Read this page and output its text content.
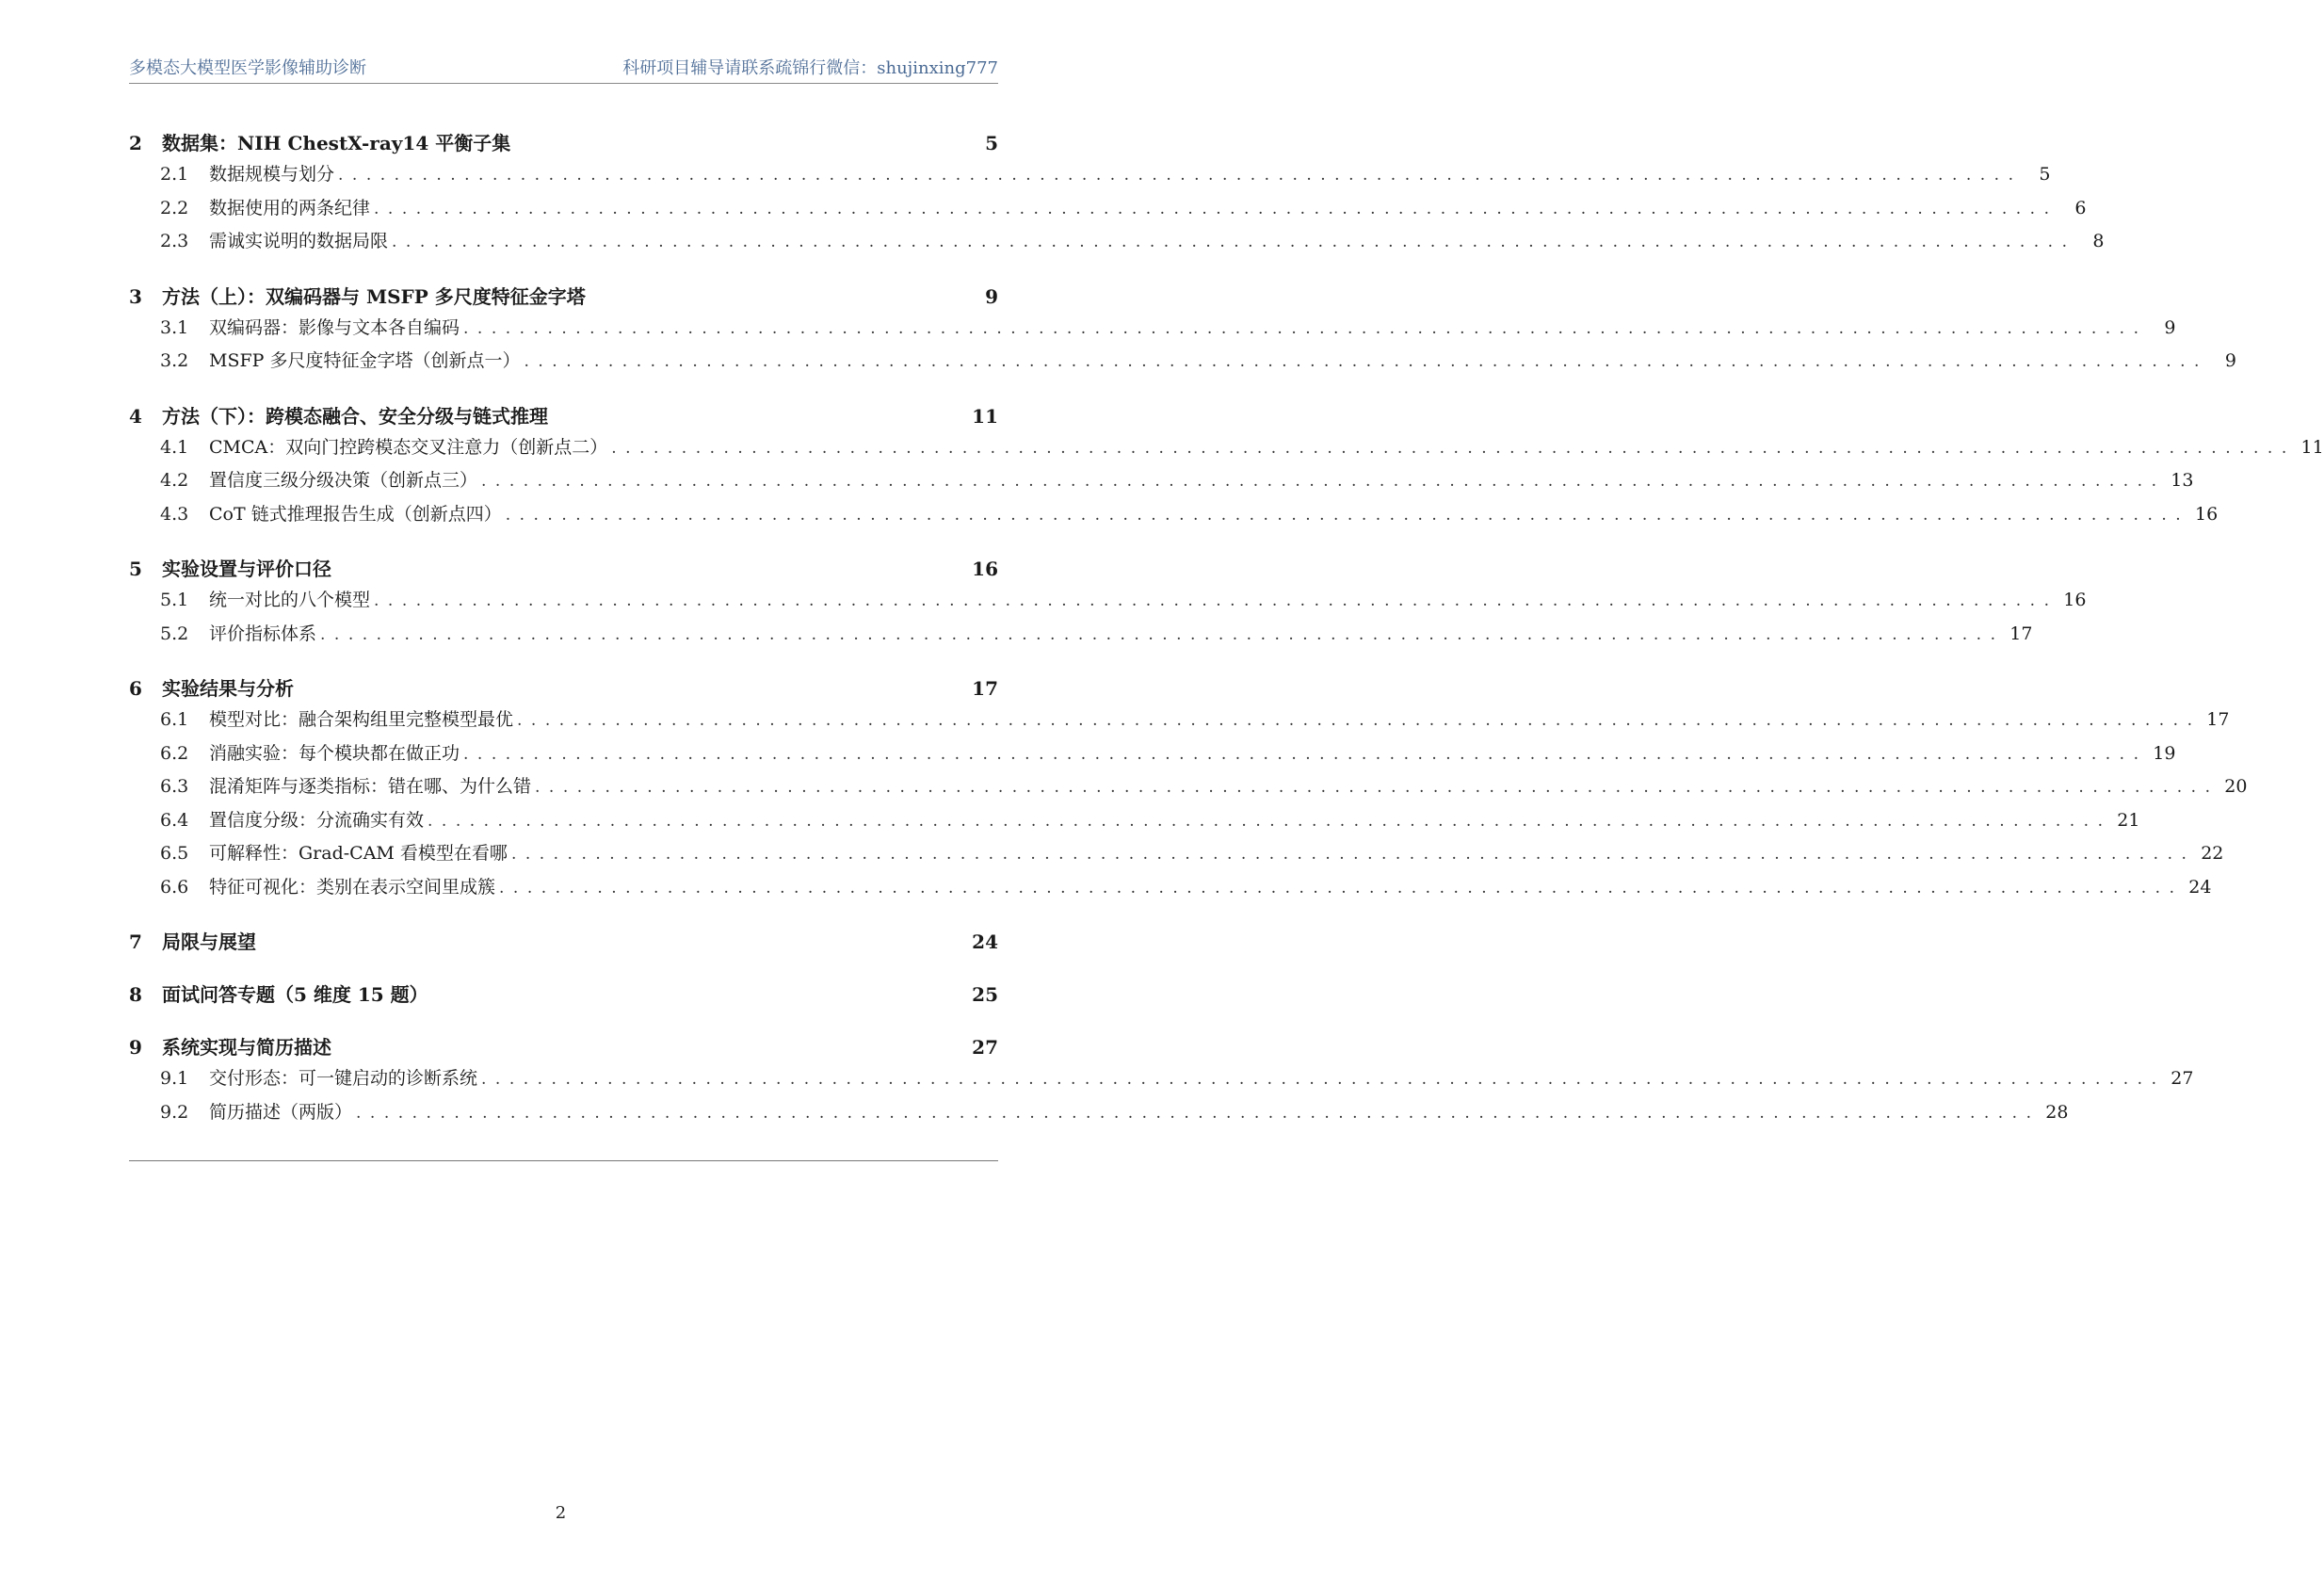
多模态大模型医学影像辅助诊断	科研项目辅导请联系疏锦行微信：shujinxing777
2	数据集：NIH ChestX-ray14 平衡子集	5
2.1	数据规模与划分 ........................................................................................................................ 5
2.2	数据使用的两条纪律 ........................................................................................................................ 6
2.3	需诚实说明的数据局限 ........................................................................................................................ 8
3	方法（上）：双编码器与 MSFP 多尺度特征金字塔	9
3.1	双编码器：影像与文本各自编码 ........................................................................................................................ 9
3.2	MSFP 多尺度特征金字塔（创新点一） ........................................................................................................................ 9
4	方法（下）：跨模态融合、安全分级与链式推理	11
4.1	CMCA：双向门控跨模态交叉注意力（创新点二） ........................................................................................................................ 11
4.2	置信度三级分级决策（创新点三） ........................................................................................................................ 13
4.3	CoT 链式推理报告生成（创新点四） ........................................................................................................................ 16
5	实验设置与评价口径	16
5.1	统一对比的八个模型 ........................................................................................................................ 16
5.2	评价指标体系 ........................................................................................................................ 17
6	实验结果与分析	17
6.1	模型对比：融合架构组里完整模型最优 ........................................................................................................................ 17
6.2	消融实验：每个模块都在做正功 ........................................................................................................................ 19
6.3	混淆矩阵与逐类指标：错在哪、为什么错 ........................................................................................................................ 20
6.4	置信度分级：分流确实有效 ........................................................................................................................ 21
6.5	可解释性：Grad-CAM 看模型在看哪 ........................................................................................................................ 22
6.6	特征可视化：类别在表示空间里成簇 ........................................................................................................................ 24
7	局限与展望	24
8	面试问答专题（5 维度 15 题）	25
9	系统实现与简历描述	27
9.1	交付形态：可一键启动的诊断系统 ........................................................................................................................ 27
9.2	简历描述（两版） ........................................................................................................................ 28
2
